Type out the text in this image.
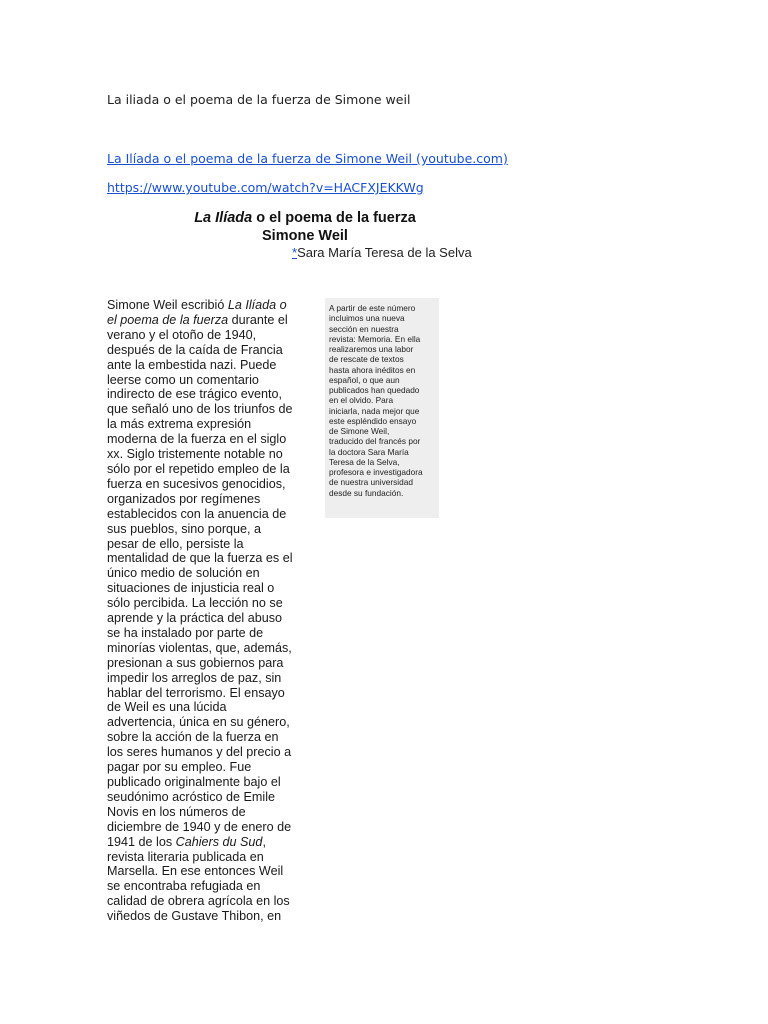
La iliada o el poema de la fuerza de Simone weil
La Ilíada o el poema de la fuerza de Simone Weil (youtube.com)
https://www.youtube.com/watch?v=HACFXJEKKWg
La Ilíada o el poema de la fuerza
Simone Weil
*Sara María Teresa de la Selva
Simone Weil escribió La Ilíada o
el poema de la fuerza durante el
verano y el otoño de 1940,
después de la caída de Francia
ante la embestida nazi. Puede
leerse como un comentario
indirecto de ese trágico evento,
que señaló uno de los triunfos de
la más extrema expresión
moderna de la fuerza en el siglo
xx. Siglo tristemente notable no
sólo por el repetido empleo de la
fuerza en sucesivos genocidios,
organizados por regímenes
establecidos con la anuencia de
sus pueblos, sino porque, a
pesar de ello, persiste la
mentalidad de que la fuerza es el
único medio de solución en
situaciones de injusticia real o
sólo percibida. La lección no se
aprende y la práctica del abuso
se ha instalado por parte de
minorías violentas, que, además,
presionan a sus gobiernos para
impedir los arreglos de paz, sin
hablar del terrorismo. El ensayo
de Weil es una lúcida
advertencia, única en su género,
sobre la acción de la fuerza en
los seres humanos y del precio a
pagar por su empleo. Fue
publicado originalmente bajo el
seudónimo acróstico de Emile
Novis en los números de
diciembre de 1940 y de enero de
1941 de los Cahiers du Sud,
revista literaria publicada en
Marsella. En ese entonces Weil
se encontraba refugiada en
calidad de obrera agrícola en los
viñedos de Gustave Thibon, en
A partir de este número
incluimos una nueva
sección en nuestra
revista: Memoria. En ella
realizaremos una labor
de rescate de textos
hasta ahora inéditos en
español, o que aun
publicados han quedado
en el olvido. Para
iniciarla, nada mejor que
este espléndido ensayo
de Simone Weil,
traducido del francés por
la doctora Sara María
Teresa de la Selva,
profesora e investigadora
de nuestra universidad
desde su fundación.
